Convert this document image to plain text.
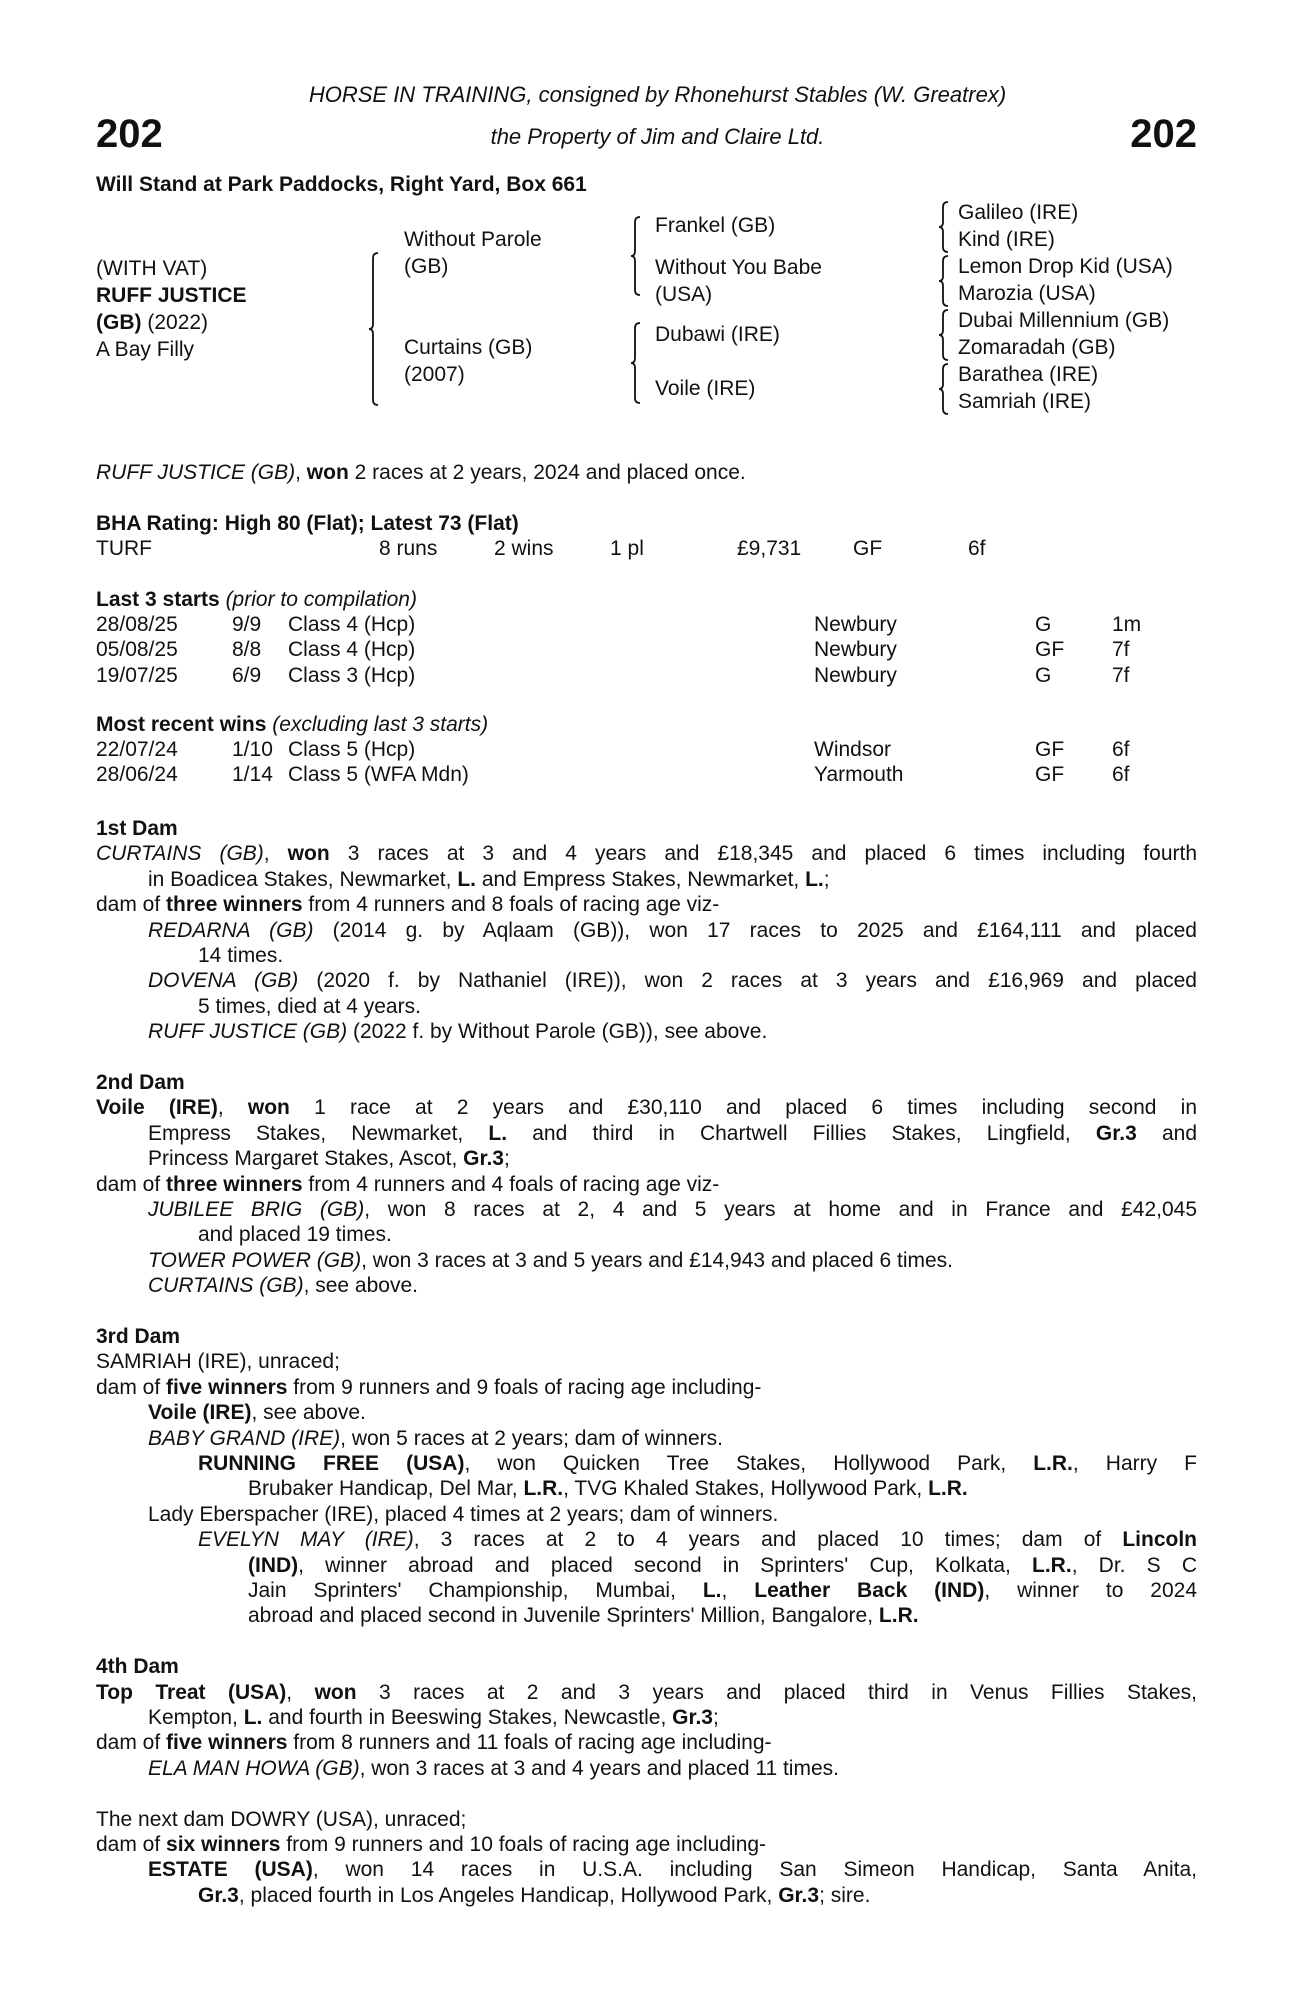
HORSE IN TRAINING, consigned by Rhonehurst Stables (W. Greatrex)
the Property of Jim and Claire Ltd.
202	202
Will Stand at Park Paddocks, Right Yard, Box 661
(WITH VAT)
RUFF JUSTICE
(GB) (2022)
A Bay Filly
Without Parole
(GB)
Curtains (GB)
(2007)
Frankel (GB)
Without You Babe
(USA)
Dubawi (IRE)
Voile (IRE)
Galileo (IRE)
Kind (IRE)
Lemon Drop Kid (USA)
Marozia (USA)
Dubai Millennium (GB)
Zomaradah (GB)
Barathea (IRE)
Samriah (IRE)
RUFF JUSTICE (GB), won 2 races at 2 years, 2024 and placed once.
BHA Rating: High 80 (Flat); Latest 73 (Flat)
TURF	8 runs	2 wins	1 pl	£9,731 GF	6f
Last 3 starts (prior to compilation)
28/08/25	9/9 Class 4 (Hcp)	Newbury	G	1m
05/08/25	8/8 Class 4 (Hcp)	Newbury	GF 7f
19/07/25	6/9 Class 3 (Hcp)	Newbury	G	7f
Most recent wins (excluding last 3 starts)
22/07/24	1/10 Class 5 (Hcp)	Windsor	GF 6f
28/06/24	1/14 Class 5 (WFA Mdn)	Yarmouth	GF 6f
1st Dam
CURTAINS (GB), won 3 races at 3 and 4 years and £18,345 and placed 6 times including fourth
in Boadicea Stakes, Newmarket, L. and Empress Stakes, Newmarket, L.;
dam of three winners from 4 runners and 8 foals of racing age viz-
REDARNA (GB) (2014 g. by Aqlaam (GB)), won 17 races to 2025 and £164,111 and placed
14 times.
DOVENA (GB) (2020 f. by Nathaniel (IRE)), won 2 races at 3 years and £16,969 and placed
5 times, died at 4 years.
RUFF JUSTICE (GB) (2022 f. by Without Parole (GB)), see above.
2nd Dam
Voile (IRE), won 1 race at 2 years and £30,110 and placed 6 times including second in
Empress Stakes, Newmarket, L. and third in Chartwell Fillies Stakes, Lingfield, Gr.3 and
Princess Margaret Stakes, Ascot, Gr.3;
dam of three winners from 4 runners and 4 foals of racing age viz-
JUBILEE BRIG (GB), won 8 races at 2, 4 and 5 years at home and in France and £42,045
and placed 19 times.
TOWER POWER (GB), won 3 races at 3 and 5 years and £14,943 and placed 6 times.
CURTAINS (GB), see above.
3rd Dam
SAMRIAH (IRE), unraced;
dam of five winners from 9 runners and 9 foals of racing age including-
Voile (IRE), see above.
BABY GRAND (IRE), won 5 races at 2 years; dam of winners.
RUNNING FREE (USA), won Quicken Tree Stakes, Hollywood Park, L.R., Harry F
Brubaker Handicap, Del Mar, L.R., TVG Khaled Stakes, Hollywood Park, L.R.
Lady Eberspacher (IRE), placed 4 times at 2 years; dam of winners.
EVELYN MAY (IRE), 3 races at 2 to 4 years and placed 10 times; dam of Lincoln
(IND), winner abroad and placed second in Sprinters' Cup, Kolkata, L.R., Dr. S C
Jain Sprinters' Championship, Mumbai, L., Leather Back (IND), winner to 2024
abroad and placed second in Juvenile Sprinters' Million, Bangalore, L.R.
4th Dam
Top Treat (USA), won 3 races at 2 and 3 years and placed third in Venus Fillies Stakes,
Kempton, L. and fourth in Beeswing Stakes, Newcastle, Gr.3;
dam of five winners from 8 runners and 11 foals of racing age including-
ELA MAN HOWA (GB), won 3 races at 3 and 4 years and placed 11 times.
The next dam DOWRY (USA), unraced;
dam of six winners from 9 runners and 10 foals of racing age including-
ESTATE (USA), won 14 races in U.S.A. including San Simeon Handicap, Santa Anita,
Gr.3, placed fourth in Los Angeles Handicap, Hollywood Park, Gr.3; sire.
